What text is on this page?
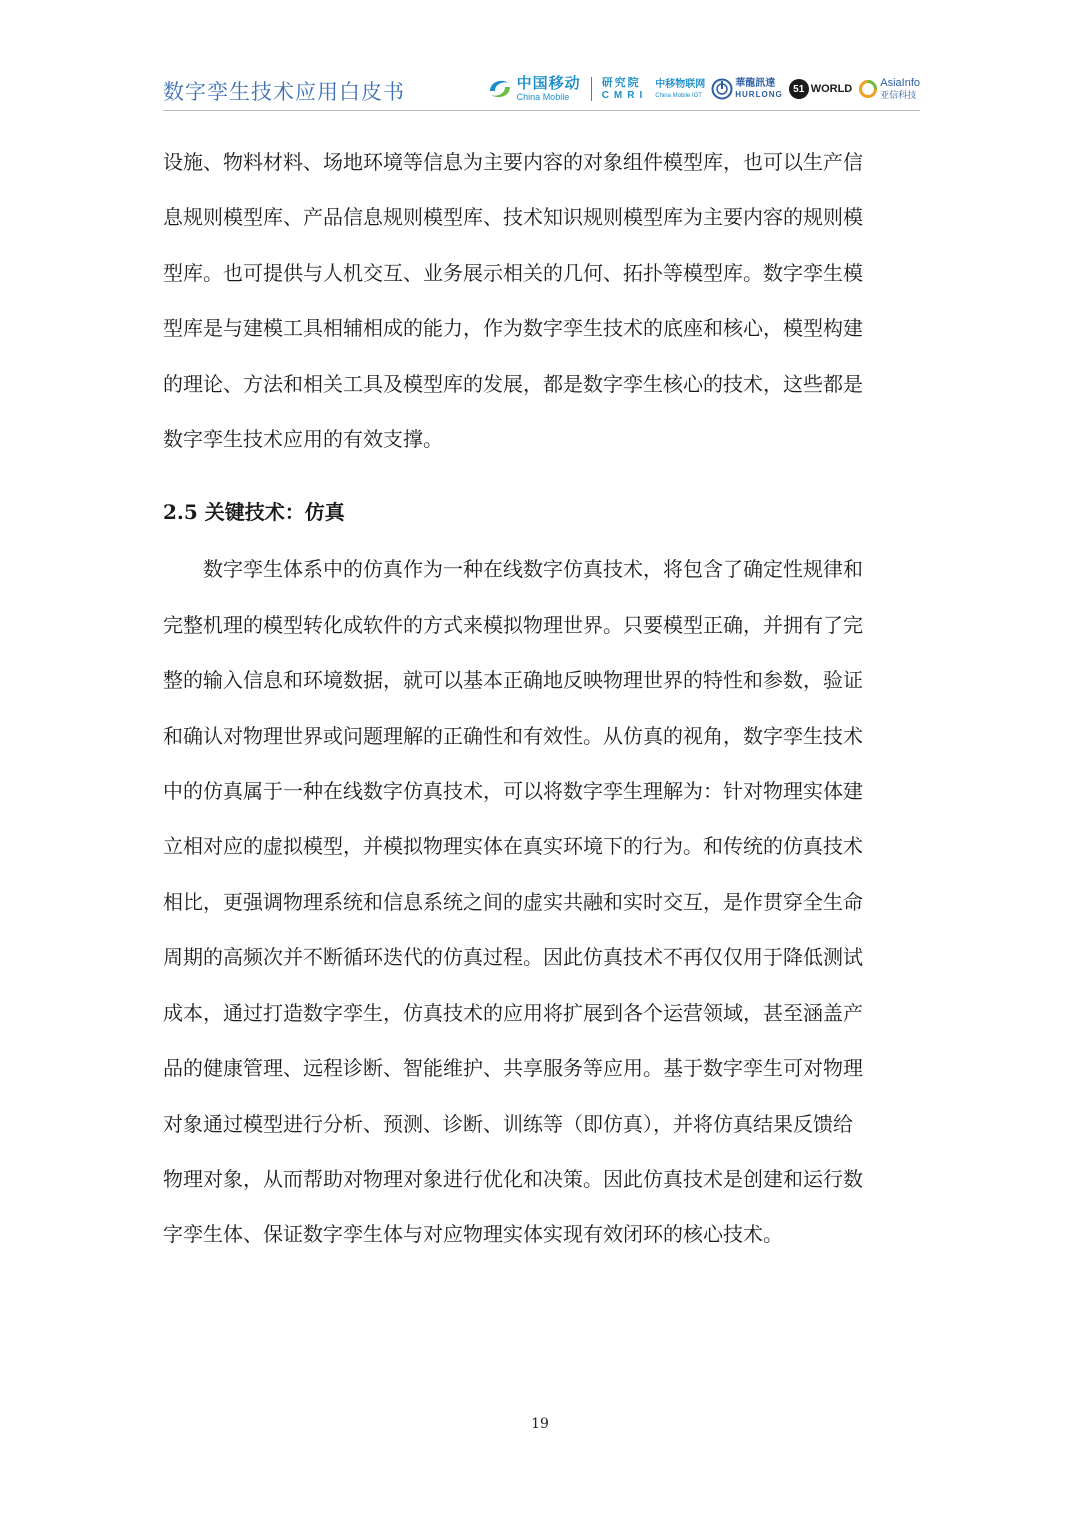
数字孪生技术应用白皮书	中国移动
China Mobile
研究院
CMRI
中移物联网
China Mobile IOT
華龍訊達
HURLONG	51 WORLD	AsiaInfo
亚信科技

设施、物料材料、场地环境等信息为主要内容的对象组件模型库，也可以生产信
息规则模型库、产品信息规则模型库、技术知识规则模型库为主要内容的规则模
型库。也可提供与人机交互、业务展示相关的几何、拓扑等模型库。数字孪生模
型库是与建模工具相辅相成的能力，作为数字孪生技术的底座和核心，模型构建
的理论、方法和相关工具及模型库的发展，都是数字孪生核心的技术，这些都是
数字孪生技术应用的有效支撑。

2.5 关键技术：仿真

　　数字孪生体系中的仿真作为一种在线数字仿真技术，将包含了确定性规律和
完整机理的模型转化成软件的方式来模拟物理世界。只要模型正确，并拥有了完
整的输入信息和环境数据，就可以基本正确地反映物理世界的特性和参数，验证
和确认对物理世界或问题理解的正确性和有效性。从仿真的视角，数字孪生技术
中的仿真属于一种在线数字仿真技术，可以将数字孪生理解为：针对物理实体建
立相对应的虚拟模型，并模拟物理实体在真实环境下的行为。和传统的仿真技术
相比，更强调物理系统和信息系统之间的虚实共融和实时交互，是作贯穿全生命
周期的高频次并不断循环迭代的仿真过程。因此仿真技术不再仅仅用于降低测试
成本，通过打造数字孪生，仿真技术的应用将扩展到各个运营领域，甚至涵盖产
品的健康管理、远程诊断、智能维护、共享服务等应用。基于数字孪生可对物理
对象通过模型进行分析、预测、诊断、训练等（即仿真），并将仿真结果反馈给
物理对象，从而帮助对物理对象进行优化和决策。因此仿真技术是创建和运行数
字孪生体、保证数字孪生体与对应物理实体实现有效闭环的核心技术。

19
